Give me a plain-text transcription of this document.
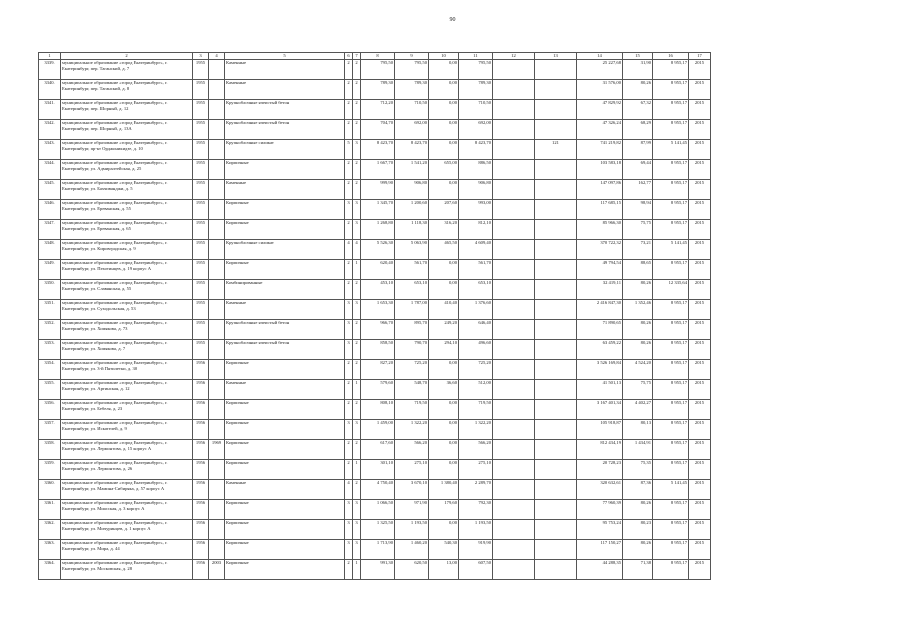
90
1	2	3	4	5	6	7	8	9	10	11	12	13	14	15	16	17
3339.	муниципальное образование «город Екатеринбург», г. Екатеринбург, пер. Таганский, д. 7	1955		Каменные	2	2	795,50	795,50	0,00	795,50			25 227,68	31,90	8 955,17	2015
3340.	муниципальное образование «город Екатеринбург», г. Екатеринбург, пер. Таганский, д. 8	1955		Каменные	2	2	789,30	789,30	0,00	789,30			31 576,00	80,26	8 955,17	2015
3341.	муниципальное образование «город Екатеринбург», г. Екатеринбург, пер. Шорный, д. 12	1955		Крупноблочные ячеистый бетон	2	2	712,20	710,50	0,00	710,50			47 829,92	67,32	8 955,17	2015
3342.	муниципальное образование «город Екатеринбург», г. Екатеринбург, пер. Шорный, д. 13А	1955		Крупноблочные ячеистый бетон	2	2	704,70	692,00	0,00	692,00			47 326,24	68,29	8 955,17	2015
3343.	муниципальное образование «город Екатеринбург», г. Екатеринбург, пр-кт Орджоникидзе, д. 10	1955		Крупноблочные силикат	5	3	8 423,70	8 423,70	0,00	8 423,70		121	741 219,82	87,99	5 141,45	2015
3344.	муниципальное образование «город Екатеринбург», г. Екатеринбург, ул. Адмиралтейская, д. 25	1955		Кирпичные	2	2	1 667,70	1 541,20	655,00	886,50			103 583,18	69,44	8 955,17	2015
3345.	муниципальное образование «город Екатеринбург», г. Екатеринбург, ул. Бахчиванджи, д. 5	1955		Каменные	2	2	999,90	906,80	0,00	906,80			147 097,86	162,77	8 955,17	2015
3346.	муниципальное образование «город Екатеринбург», г. Екатеринбург, ул. Ереванская, д. 55	1955		Кирпичные	3	3	1 345,70	1 200,60	207,60	993,00			117 685,15	98,94	8 955,17	2015
3347.	муниципальное образование «город Екатеринбург», г. Екатеринбург, ул. Ереванская, д. 65	1955		Кирпичные	2	3	1 268,80	1 118,30	316,20	812,10			85 966,30	75,75	8 955,17	2015
3348.	муниципальное образование «город Екатеринбург», г. Екатеринбург, ул. Кировградская, д. 9	1955		Крупноблочные силикат	4	4	5 526,30	5 063,90	465,50	4 609,40			370 722,32	73,21	5 141,45	2015
3349.	муниципальное образование «город Екатеринбург», г. Екатеринбург, ул. Пехотинцев, д. 19 корпус А	1955		Кирпичные	2	1	620,40	561,70	0,00	561,70			49 794,54	88,65	8 955,17	2015
3350.	муниципальное образование «город Екатеринбург», г. Екатеринбург, ул. Славянская, д. 55	1955		Комбинированные	2	2	453,10	653,10	0,00	653,10			32 419,11	80,26	12 335,64	2015
3351.	муниципальное образование «город Екатеринбург», г. Екатеринбург, ул. Суходольская, д. 53	1955		Каменные	3	3	1 653,30	1 787,00	410,40	1 376,60			2 416 847,30	1 352,46	8 955,17	2015
3352.	муниципальное образование «город Екатеринбург», г. Екатеринбург, ул. Хомякова, д. 73	1955		Крупноблочные ячеистый бетон	3	2	966,70	895,70	249,20	646,40			71 890,65	80,26	8 955,17	2015
3353.	муниципальное образование «город Екатеринбург», г. Екатеринбург, ул. Хомякова, д. 7	1955		Крупноблочные ячеистый бетон	3	2	858,50	790,70	294,10	496,60			63 459,22	80,26	8 955,17	2015
3354.	муниципальное образование «город Екатеринбург», г. Екатеринбург, ул. 3-й Пятилетки, д. 30	1956		Кирпичные	2	2	827,20	725,20	0,00	725,20			3 526 169,84	4 524,20	8 955,17	2015
3355.	муниципальное образование «город Екатеринбург», г. Екатеринбург, ул. Артинская, д. 12	1956		Каменные	2	1	579,60	548,70	36,60	512,00			41 501,13	75,75	8 955,17	2015
3356.	муниципальное образование «город Екатеринбург», г. Екатеринбург, ул. Бебеля, д. 23	1956		Кирпичные	2	2	808,10	719,50	0,00	719,50			3 167 401,34	4 402,27	8 955,17	2015
3357.	муниципальное образование «город Екатеринбург», г. Екатеринбург, ул. Искателей, д. 9	1956		Кирпичные	3	3	1 459,00	1 322,20	0,00	1 322,20			105 918,87	80,13	8 955,17	2015
3358.	муниципальное образование «город Екатеринбург», г. Екатеринбург, ул. Лермонтова, д. 15 корпус А	1956	1969	Кирпичные	2	2	617,60	566,20	0,00	566,20			812 434,19	1 434,91	8 955,17	2015
3359.	муниципальное образование «город Екатеринбург», г. Екатеринбург, ул. Лермонтова, д. 26	1956		Кирпичные	2	1	301,10	275,10	0,00	275,10			20 728,23	75,35	8 955,17	2015
3360.	муниципальное образование «город Екатеринбург», г. Екатеринбург, ул. Мамина-Сибиряка, д. 57 корпус А	1956		Каменные	4	2	4 750,40	3 670,10	1 380,40	2 289,70			320 632,61	87,36	5 141,45	2015
3361.	муниципальное образование «город Екатеринбург», г. Екатеринбург, ул. Миасская, д. 3 корпус А	1956		Кирпичные	3	3	1 066,50	971,90	179,60	792,30			77 960,39	80,26	8 955,17	2015
3362.	муниципальное образование «город Екатеринбург», г. Екатеринбург, ул. Мичуринцев, д. 1 корпус А	1956		Кирпичные	3	3	1 325,50	1 193,50	0,00	1 193,50			95 753,24	80,23	8 955,17	2015
3363.	муниципальное образование «город Екатеринбург», г. Екатеринбург, ул. Мира, д. 44	1956		Кирпичные	3	3	1 713,90	1 460,20	540,30	919,90			117 150,27	80,26	8 955,17	2015
3364.	муниципальное образование «город Екатеринбург», г. Екатеринбург, ул. Московская, д. 28	1956	2003	Кирпичные	2	1	991,30	620,50	13,00	607,50			44 288,35	71,38	8 955,17	2015
